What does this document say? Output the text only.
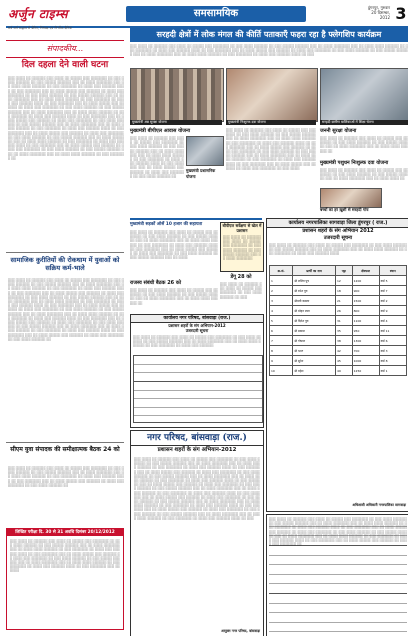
अर्जुन टाइम्स	समसामयिक
डूंगरपुर, गुरुवार
20 दिसम्बर,
2012 3
सर्व धर्म सद्भाव से प्रेरित, निष्पक्ष एवं निर्भीक दैनिक
संपादकीय...
दिल दहला देने वाली घटना
░░░ ░░░░ ░░ ░░░░░░ ░░░ ░░░░ ░░ ░░░░░ ░░░ ░░░░░░░ ░░ ░░░ ░░░░ ░░░░░░ ░░ ░░░ ░░░░░ ░░░░░░ ░░░ ░░ ░░░░ ░░░░░░░ ░░░ ░░ ░░░░ ░░░░ ░░░░░░ ░░ ░░░ ░░░░░░░ ░░ ░░░░ ░░░ ░░░░░░ ░░░░ ░░ ░░░ ░░░░░░░ ░░░ ░░ ░░░░ ░░░░░ ░░░ ░░░░░░ ░░ ░░░░ ░░░ ░░░░░░░ ░░ ░░░ ░░░░ ░░░░░░ ░░ ░░░ ░░░░░ ░░░░░░ ░░░ ░░ ░░░░ ░░░░░░░ ░░░ ░░ ░░░░ ░░░░ ░░░░░░ ░░ ░░░ ░░░░░░░ ░░ ░░░░ ░░░ ░░░░░░ ░░░░ ░░ ░░░ ░░░░░░░ ░░░ ░░ ░░░░ ░░░░░ ░░░ ░░░░░░ ░░ ░░░░ ░░░ ░░░░░░░ ░░ ░░░ ░░░░ ░░░░░░ ░░ ░░░ ░░░░░ ░░░░░░ ░░░ ░░ ░░░░ ░░░░░░░ ░░░ ░░ ░░░░ ░░░░ ░░░░░░ ░░ ░░░ ░░░░░░░ ░░ ░░░░ ░░░ ░░░░░░ ░░░░ ░░ ░░░ ░░░░░░░ ░░░ ░░ ░░░░ ░░░░░ ░░░ ░░░░░░ ░░ ░░░░ ░░░ ░░░░░░░ ░░ ░░░ ░░░░ ░░░░░░ ░░ ░░░ ░░░░░ ░░░░░░ ░░░ ░░ ░░░░ ░░░░░░░ ░░░ ░░ ░░░░ ░░░░ ░░░░░░ ░░ ░░░ ░░░░░░░ ░░ ░░░░ ░░░ ░░░░░░ ░░░░ ░░ ░░░ ░░░░░░░ ░░░ ░░ ░░░░ ░░░░░ ░░░ ░░░░░░ ░░ ░░░░ ░░░ ░░░░░░░ ░░ ░░░ ░░░░ ░░░░░░ ░░ ░░░ ░░░░░ ░░░░░░ ░░░ ░░ ░░░░ ░░░░░░░ ░░░ ░░ ░░░░ ░░░░ ░░░░░░ ░░ ░░░ ░░░░░░░ ░░ ░░░░ ░░░ ░░░░░░ ░░░░ ░░ ░░░ ░░░░░░░ ░░░ ░░ ░░░░ ░░░░░ ░░░ ░░░░░░ ░░ ░░░░ ░░░ ░░░░░░░ ░░ ░░░ ░░░░ ░░░░░░ ░░ ░░░ ░░░░░ ░░░░░░ ░░░ ░░ ░░░░ ░░░░░░░ ░░░ ░░ ░░░░ ░░░░ ░░░░░░ ░░ ░░░ ░░░░░░░ ░░
सामाजिक कुरीतियों की रोकथाम में युवाओं को सक्रिय कर्म-भाले
░░░ ░░░░ ░░ ░░░░░░ ░░░ ░░░░ ░░ ░░░░░ ░░░ ░░░░░░░ ░░ ░░░ ░░░░ ░░░░░░ ░░ ░░░ ░░░░░ ░░░░░░ ░░░ ░░ ░░░░ ░░░░░░░ ░░░ ░░ ░░░░ ░░░░ ░░░░░░ ░░ ░░░ ░░░░░░░ ░░ ░░░░ ░░░ ░░░░░░ ░░░░ ░░ ░░░ ░░░░░░░ ░░░ ░░ ░░░░ ░░░░░ ░░░ ░░░░░░ ░░ ░░░░ ░░░ ░░░░░░░ ░░ ░░░ ░░░░ ░░░░░░ ░░ ░░░ ░░░░░ ░░░░░░ ░░░ ░░ ░░░░ ░░░░░░░ ░░░ ░░ ░░░░ ░░░░ ░░░░░░ ░░ ░░░ ░░░░░░░ ░░ ░░░░ ░░░ ░░░░░░ ░░░░ ░░ ░░░ ░░░░░░░ ░░░ ░░ ░░░░ ░░░░░ ░░░ ░░░░░░ ░░ ░░░░ ░░░ ░░░░░░░ ░░ ░░░ ░░░░ ░░░░░░ ░░ ░░░ ░░░░░ ░░░░░░ ░░░ ░░ ░░░░ ░░░░░░░ ░░░ ░░ ░░░░ ░░░░ ░░░░░░ ░░ ░░░ ░░░░░░░ ░░ ░░░░ ░░░ ░░░░░░ ░░░░ ░░ ░░░ ░░░░░░░ ░░░ ░░ ░░░░ ░░░░░ ░░░ ░░░░░░ ░░ ░░░░ ░░░ ░░░░░░░ ░░ ░░░ ░░░░ ░░░░░░ ░░ ░░░ ░░░░░ ░░░░░░ ░░░ ░░ ░░░░ ░░░░░░░ ░░░ ░░ ░░░░ ░░░░ ░░░░░░ ░░ ░░░ ░░░░░░░ ░░ ░░░░ ░░░ ░░░░░░ ░░░░ ░░ ░░░ ░░░░░░░ ░░░ ░░ ░░░░ ░░░░░ ░░░ ░░░░░░ ░░ ░░░░ ░░░ ░░░░░░░ ░░ ░░░ ░░░░ ░░░░░░ ░░
सीएम युवा संपादक की समीक्षात्मक बैठक 24 को
░░░ ░░░░ ░░ ░░░░░░ ░░░ ░░░░ ░░ ░░░░░ ░░░ ░░░░░░░ ░░ ░░░ ░░░░ ░░░░░░ ░░ ░░░ ░░░░░ ░░░░░░ ░░░ ░░ ░░░░ ░░░░░░░ ░░░ ░░ ░░░░ ░░░░ ░░░░░░ ░░ ░░░ ░░░░░░░ ░░ ░░░░ ░░░ ░░░░░░ ░░░░ ░░ ░░░ ░░░░░░░ ░░░ ░░ ░░░░ ░░░░░ ░░░ ░░░░░░ ░░ ░░░░ ░░░ ░░░░░░░ ░░ ░░░ ░░░░ ░░░░░░ ░░
लिखित परीक्षा दि. 30 से 31 अवधि दिसंबर 20/12/2012
░░░ ░░░░ ░░ ░░░░░░ ░░░ ░░░░ ░░ ░░░░░ ░░░ ░░░░░░░ ░░ ░░░ ░░░░ ░░░░░░ ░░ ░░░ ░░░░░ ░░░░░░ ░░░ ░░ ░░░░ ░░░░░░░ ░░░ ░░ ░░░░ ░░░░ ░░░░░░ ░░ ░░░ ░░░░░░░ ░░ ░░░░ ░░░ ░░░░░░ ░░░░ ░░ ░░░ ░░░░░░░ ░░░ ░░ ░░░░ ░░░░░ ░░░ ░░░░░░ ░░ ░░░░ ░░░ ░░░░░░░ ░░ ░░░ ░░░░ ░░░░░░ ░░ ░░░ ░░░░░ ░░░░░░ ░░░ ░░ ░░░░ ░░░░░░░ ░░░ ░░ ░░░░ ░░░░ ░░░░░░ ░░ ░░░ ░░░░░░░ ░░ ░░░░ ░░░ ░░░░░░ ░░░░ ░░ ░░░ ░░░░░░░ ░░░ ░░ ░░░░
सरहदी क्षेत्रों में लोक मंगल की कीर्ति पताकाएँ फहरा रहा है फ्लेगशिप कार्यक्रम
░░░ ░░░░ ░░ ░░░░░░ ░░░ ░░░░ ░░ ░░░░░ ░░░ ░░░░░░░ ░░ ░░░ ░░░░ ░░░░░░ ░░ ░░░ ░░░░░ ░░░░░░ ░░░ ░░ ░░░░ ░░░░░░░ ░░░ ░░ ░░░░ ░░░░ ░░░░░░ ░░ ░░░ ░░░░░░░ ░░ ░░░░ ░░░ ░░░░░░ ░░░░ ░░ ░░░ ░░░░░░░ ░░░ ░░ ░░░░ ░░░░░ ░░░ ░░░░░░ ░░ ░░░░ ░░░ ░░░░░░░ ░░ ░░░ ░░░░ ░░░░░░ ░░ ░░░ ░░░░░ ░░░░░░ ░░░ ░░ ░░░░ ░░░░░░░ ░░░ ░░ ░░░░ ░░░░ ░░░░░░ ░░ ░░░ ░░░░░░░ ░░ ░░░░ ░░░ ░░░░░░ ░░░░ ░░ ░░░
मुख्यमंत्री अन्न सुरक्षा योजना	मुख्यमंत्री निःशुल्क दवा योजना	सरहदी ग्रामीण बालिकाओं में शिक्षा चेतना
मुख्यमंत्री बीपीएल आवास योजना
░░░ ░░░░ ░░ ░░░░░░ ░░░ ░░░░ ░░ ░░░░░ ░░░ ░░░░░░░ ░░ ░░░ ░░░░ ░░░░░░ ░░ ░░░ ░░░░░ ░░░░░░ ░░░ ░░ ░░░░ ░░░░░░░ ░░░ ░░ ░░░░ ░░░░ ░░░░░░ ░░ ░░░ ░░░░░░░ ░░ ░░░░ ░░░ ░░░░░░ ░░░░ ░░ ░░░ ░░░░░░░ ░░░ ░░ ░░░░ ░░░░░ ░░░ ░░░░░░ ░░ ░░░░ ░░░ ░░░░░░░ ░░ ░░░ ░░░░ ░░░░░░ ░░
मुख्यमंत्री प्रशासनिक योजना
░░░ ░░░░ ░░ ░░░░░░ ░░░ ░░░░ ░░ ░░░░░ ░░░ ░░░░░░░ ░░ ░░░ ░░░░ ░░░░░░ ░░ ░░░ ░░░░░ ░░░░░░ ░░░ ░░ ░░░░ ░░░░░░░ ░░░ ░░ ░░░░ ░░░░ ░░░░░░ ░░ ░░░ ░░░░░░░ ░░ ░░░░ ░░░ ░░░░░░ ░░░░ ░░ ░░░ ░░░░░░░ ░░░ ░░ ░░░░ ░░░░░ ░░░ ░░░░░░ ░░ ░░░░ ░░░ ░░░░░░░ ░░ ░░░ ░░░░ ░░░░░░ ░░ ░░░ ░░░░░ ░░░░░░ ░░░ ░░ ░░░░ ░░░░░░░ ░░░ ░░ ░░░░ ░░░░ ░░░░░░ ░░ ░░░ ░░░░░░░ ░░ ░░░░ ░░░ ░░░░░░ ░░░░ ░░ ░░░ ░░░░░░░ ░░░ ░░ ░░░░ ░░░░░ ░░░ ░░░░░░ ░░ ░░░░ ░░░ ░░░░░░░ ░░ ░░░ ░░░░
जननी सुरक्षा योजना
░░░ ░░░░ ░░ ░░░░░░ ░░░ ░░░░ ░░ ░░░░░ ░░░ ░░░░░░░ ░░ ░░░ ░░░░ ░░░░░░ ░░ ░░░ ░░░░░ ░░░░░░ ░░░ ░░ ░░░░ ░░░░░░░ ░░░ ░░ ░░░░ ░░░░ ░░░░░░ ░░
मुख्यमंत्री पशुधन निःशुल्क दवा योजना
░░░ ░░░░ ░░ ░░░░░░ ░░░ ░░░░ ░░ ░░░░░ ░░░ ░░░░░░░ ░░ ░░░ ░░░░ ░░░░░░ ░░ ░░░ ░░░░░ ░░░░░░ ░░░ ░░ ░░░░ ░░░░░░░ ░░░ ░░ ░░░░ ░░░░ ░░
बच्चों का हर ख़ुशी से सरहदी गांव
मुख्यमंत्री सड़कों ओर्से 10 हजार की सहायता
░░░ ░░░░ ░░ ░░░░░░ ░░░ ░░░░ ░░ ░░░░░ ░░░ ░░░░░░░ ░░ ░░░ ░░░░ ░░░░░░ ░░ ░░░ ░░░░░ ░░░░░░ ░░░ ░░ ░░░░ ░░░░░░░ ░░░ ░░ ░░░░ ░░░░ ░░░░░░ ░░ ░░░ ░░░░░░░ ░░ ░░░░ ░░░ ░░░░░░ ░░░░ ░░ ░░░ ░░░░░░░ ░░░ ░░ ░░░░ ░░░░░ ░░░ ░░░░░░ ░░ ░░░░ ░░░ ░░░░░░░ ░░ ░░░ ░░░░ ░░░░░░ ░░ ░░░ ░░░░░ ░░░░░░ ░░░ ░░ ░░░░
राजस्व संबंधी बैठक 26 को
░░░ ░░░░ ░░ ░░░░░░ ░░░ ░░░░ ░░ ░░░░░ ░░░ ░░░░░░░ ░░ ░░░ ░░░░ ░░░░░░ ░░ ░░░ ░░░░░ ░░░░░░ ░░░ ░░ ░░░░ ░░░░░░░ ░░░ ░░ ░░░░ ░░░░ ░░░░░░ ░░
बीपीएल सर्वेक्षण से खेल में प्रशासन
░░░ ░░░░ ░░ ░░░░░░ ░░░ ░░░░ ░░ ░░░░░ ░░░ ░░░░░░░ ░░ ░░░ ░░░░ ░░░░░░ ░░ ░░░ ░░░░░ ░░░░░░ ░░░ ░░ ░░░░ ░░░░░░░
डेंगू 28 को
░░░ ░░░░ ░░ ░░░░░░ ░░░ ░░░░ ░░ ░░░░░ ░░░ ░░░░░░░ ░░ ░░░ ░░░░ ░░░░░░ ░░ ░░░
कार्यालय नगर परिषद, बांसवाड़ा (राज.)
प्रशासन शहरों के संग अभियान-2012
उजरदारी सूचना
░░░ ░░░░ ░░ ░░░░░░ ░░░ ░░░░ ░░ ░░░░░ ░░░ ░░░░░░░ ░░ ░░░ ░░░░ ░░░░░░ ░░ ░░░ ░░░░░ ░░░░░░ ░░░ ░░ ░░░░ ░░░░░░░ ░░░ ░░ ░░░░ ░░░░ ░░░░░░ ░░ ░░░ ░░░░░░░ ░░ ░░░░ ░░░ ░░░░░░
कार्यालय नगरपालिका सागवाड़ा जिला डूंगरपुर ( राज.)
प्रशासन शहरों के संग अभियान 2012
उजरदारी सूचना
░░░ ░░░░ ░░ ░░░░░░ ░░░ ░░░░ ░░ ░░░░░ ░░░ ░░░░░░░ ░░ ░░░ ░░░░ ░░░░░░ ░░ ░░░ ░░░░░ ░░░░░░ ░░░ ░░ ░░░░ ░░░░░░░ ░░░ ░░ ░░░░ ░░░░ ░░░░░░ ░░ ░░░ ░░░░░░░ ░░ ░░░░ ░░░ ░░░░░░ ░░░░
क्र.सं.	प्रार्थी का नाम	पट्टा	क्षेत्रफल	स्थान
1	श्री ललित पुत्र	12	1200	वार्ड 5
2	श्री रमेश पुत्र	18	900	वार्ड 7
3	श्रीमती कमला	21	1500	वार्ड 2
4	श्री मोहन लाल	26	800	वार्ड 9
5	श्री दिनेश पुत्र	31	1100	वार्ड 4
6	श्री प्रकाश	35	950	वार्ड 11
7	श्री गोपाल	38	1300	वार्ड 6
8	श्री भरत	42	700	वार्ड 3
9	श्री सुरेश	45	1000	वार्ड 8
10	श्री महेश	49	1250	वार्ड 1
अधिशासी अधिकारी नगरपालिका सागवाड़ा
नगर परिषद, बांसवाड़ा (राज.)
प्रशासन शहरों के संग अभियान-2012
░░░ ░░░░ ░░ ░░░░░░ ░░░ ░░░░ ░░ ░░░░░ ░░░ ░░░░░░░ ░░ ░░░ ░░░░ ░░░░░░ ░░ ░░░ ░░░░░ ░░░░░░ ░░░ ░░ ░░░░ ░░░░░░░ ░░░ ░░ ░░░░ ░░░░ ░░░░░░ ░░ ░░░ ░░░░░░░ ░░ ░░░░ ░░░ ░░░░░░ ░░░░ ░░ ░░░ ░░░░░░░ ░░░ ░░ ░░░░ ░░░░░ ░░░ ░░░░░░ ░░ ░░░░ ░░░ ░░░░░░░ ░░ ░░░ ░░░░ ░░░░░░ ░░ ░░░ ░░░░░ ░░░░░░ ░░░ ░░ ░░░░ ░░░░░░░ ░░░ ░░ ░░░░ ░░░░ ░░░░░░ ░░ ░░░ ░░░░░░░ ░░ ░░░░ ░░░ ░░░░░░ ░░░░ ░░ ░░░ ░░░░░░░ ░░░ ░░ ░░░░ ░░░░░ ░░░ ░░░░░░ ░░ ░░░░ ░░░ ░░░░░░░ ░░ ░░░ ░░░░ ░░░░░░ ░░ ░░░ ░░░░░ ░░░░░░ ░░░ ░░ ░░░░ ░░░░░░░ ░░░ ░░ ░░░░ ░░░░ ░░░░░░ ░░ ░░░ ░░░░░░░ ░░ ░░░░ ░░░ ░░░░░░ ░░░░ ░░ ░░░ ░░░░░░░ ░░░ ░░ ░░░░ ░░░░░ ░░░ ░░░░░░ ░░ ░░░░ ░░░ ░░░░░░░ ░░ ░░░ ░░░░ ░░░░░░ ░░ ░░░ ░░░░░ ░░░░░░ ░░░ ░░ ░░░░ ░░░░░░░ ░░░ ░░ ░░░░ ░░░░ ░░░░░░ ░░ ░░░ ░░░░░░░ ░░ ░░░░ ░░░ ░░░░░░ ░░░░ ░░ ░░░ ░░░░░░░ ░░░ ░░ ░░░░ ░░░░░ ░░░ ░░░░░░ ░░ ░░░░ ░░░ ░░░░░░░ ░░ ░░░ ░░░░ ░░░░░░ ░░ ░░░ ░░░░░ ░░░░░░ ░░░ ░░ ░░░░ ░░░░░░░ ░░░ ░░ ░░░░ ░░░░ ░░░░░░ ░░ ░░░ ░░░░░░░ ░░ ░░░░ ░░░ ░░░░░░ ░░░░ ░░ ░░░
आयुक्त नगर परिषद, बांसवाड़ा
░░░ ░░░░ ░░ ░░░░░░ ░░░ ░░░░ ░░ ░░░░░ ░░░ ░░░░░░░ ░░ ░░░ ░░░░ ░░░░░░ ░░ ░░░ ░░░░░ ░░░░░░ ░░░ ░░ ░░░░ ░░░░░░░ ░░░ ░░ ░░░░ ░░░░ ░░░░░░ ░░ ░░░ ░░░░░░░ ░░ ░░░░ ░░░ ░░░░░░ ░░░░ ░░ ░░░ ░░░░░░░ ░░░ ░░ ░░░░ ░░░░░ ░░░ ░░░░░░ ░░ ░░░░ ░░░ ░░░░░░░ ░░ ░░░ ░░░░ ░░░░░░ ░░ ░░░ ░░░░░ ░░░░░░ ░░░ ░░ ░░░░ ░░░░░░░ ░░░ ░░ ░░░░ ░░░░ ░░░░░░ ░░ ░░░ ░░░░░░░ ░░ ░░░░ ░░░ ░░░░░░ ░░░░ ░░ ░░░ ░░░░░░░ ░░░ ░░ ░░░░ ░░░░░ ░░░ ░░░░░░ ░░ ░░░░ ░░░ ░░░░░░░ ░░
